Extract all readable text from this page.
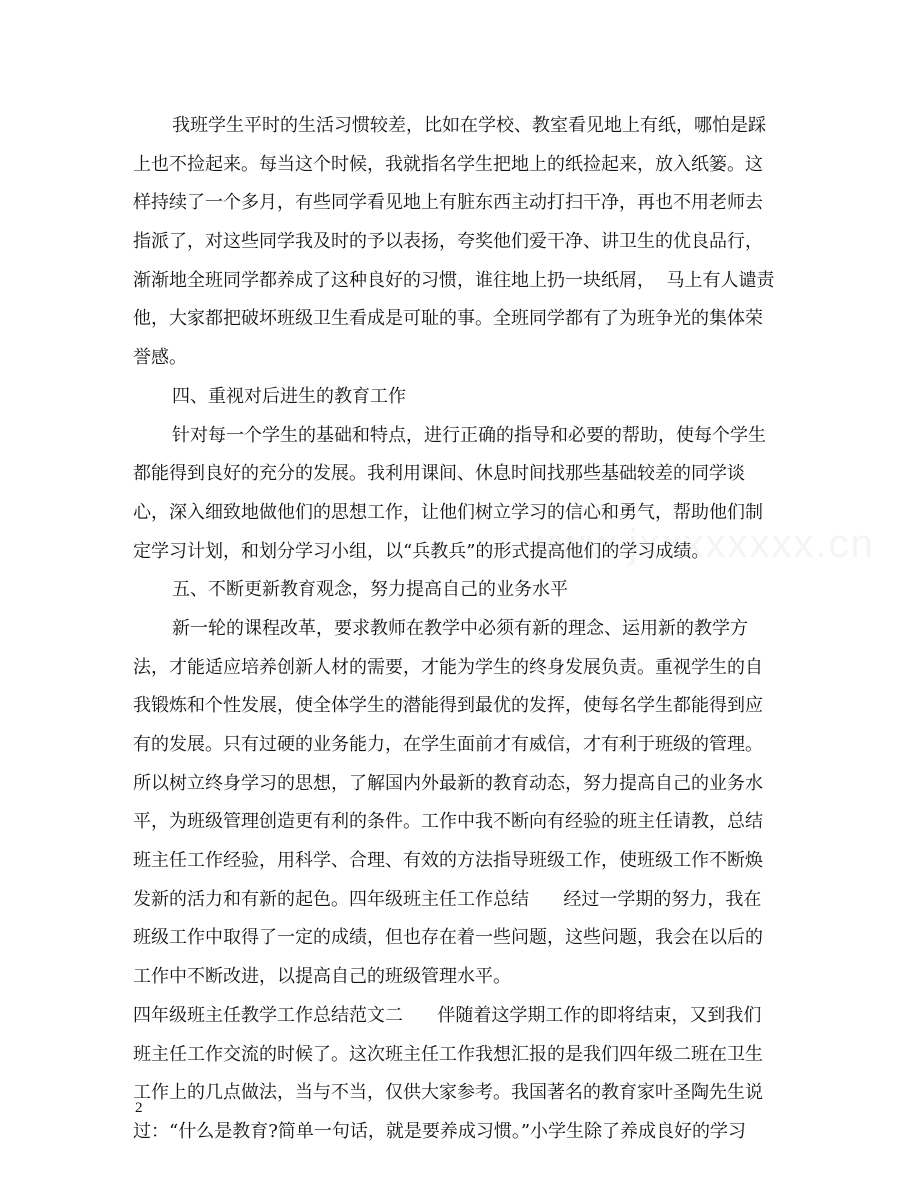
我班学生平时的生活习惯较差，比如在学校、教室看见地上有纸，哪怕是踩
上也不捡起来。每当这个时候，我就指名学生把地上的纸捡起来，放入纸篓。这
样持续了一个多月，有些同学看见地上有脏东西主动打扫干净，再也不用老师去
指派了，对这些同学我及时的予以表扬，夸奖他们爱干净、讲卫生的优良品行，
渐渐地全班同学都养成了这种良好的习惯，谁往地上扔一块纸屑，  马上有人谴责
他，大家都把破坏班级卫生看成是可耻的事。全班同学都有了为班争光的集体荣
誉感。
四、重视对后进生的教育工作
针对每一个学生的基础和特点，进行正确的指导和必要的帮助，使每个学生
都能得到良好的充分的发展。我利用课间、休息时间找那些基础较差的同学谈
心，深入细致地做他们的思想工作，让他们树立学习的信心和勇气，帮助他们制
定学习计划，和划分学习小组，以“兵教兵”的形式提高他们的学习成绩。
五、不断更新教育观念，努力提高自己的业务水平
新一轮的课程改革，要求教师在教学中必须有新的理念、运用新的教学方
法，才能适应培养创新人材的需要，才能为学生的终身发展负责。重视学生的自
我锻炼和个性发展，使全体学生的潜能得到最优的发挥，使每名学生都能得到应
有的发展。只有过硬的业务能力，在学生面前才有威信，才有利于班级的管理。
所以树立终身学习的思想，了解国内外最新的教育动态，努力提高自己的业务水
平，为班级管理创造更有利的条件。工作中我不断向有经验的班主任请教，总结
班主任工作经验，用科学、合理、有效的方法指导班级工作，使班级工作不断焕
发新的活力和有新的起色。四年级班主任工作总结      经过一学期的努力，我在
班级工作中取得了一定的成绩，但也存在着一些问题，这些问题，我会在以后的
工作中不断改进，以提高自己的班级管理水平。
四年级班主任教学工作总结范文二      伴随着这学期工作的即将结束，又到我们
班主任工作交流的时候了。这次班主任工作我想汇报的是我们四年级二班在卫生
工作上的几点做法，当与不当，仅供大家参考。我国著名的教育家叶圣陶先生说
过：“什么是教育?简单一句话，就是要养成习惯。”小学生除了养成良好的学习
2
